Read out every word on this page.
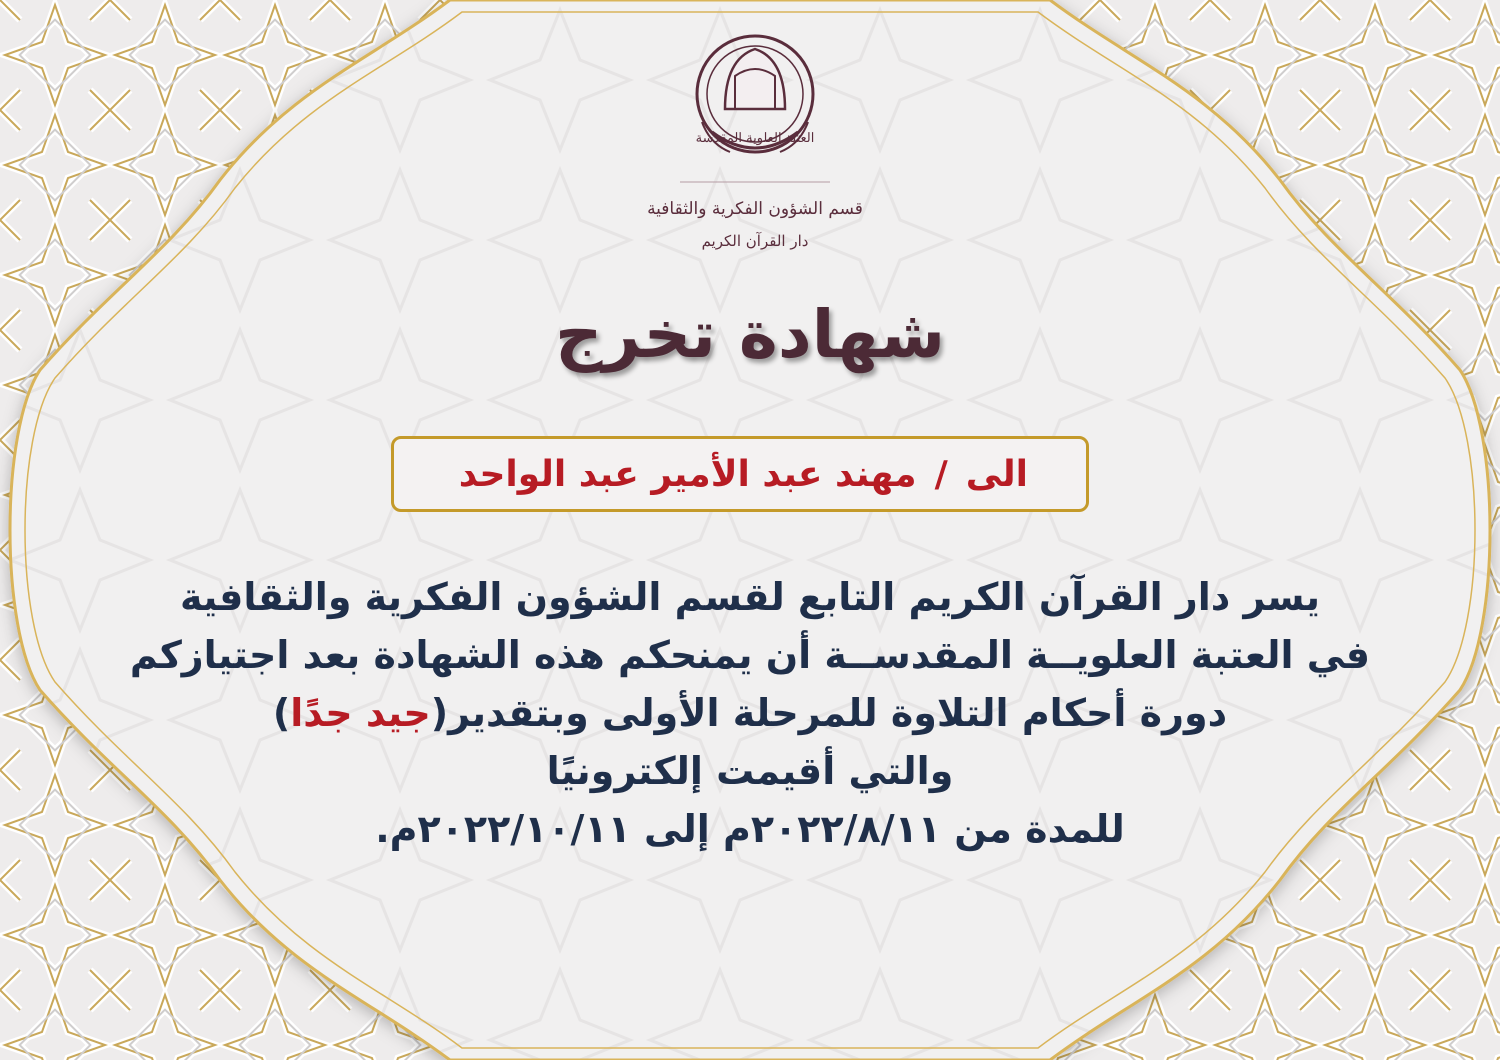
العتبة العلوية المقدسة
قسم الشؤون الفكرية والثقافية
دار القرآن الكريم
شهادة تخرج
الى
/
مهند عبد الأمير عبد الواحد
يسر دار القرآن الكريم التابع لقسم الشؤون الفكرية والثقافية
في العتبة العلويــة المقدســة أن يمنحكم هذه الشهادة بعد اجتيازكم
دورة أحكام التلاوة للمرحلة الأولى وبتقدير(جيد جدًا)
والتي أقيمت إلكترونيًا
للمدة من ٢٠٢٢/٨/١١م إلى ٢٠٢٢/١٠/١١م.
